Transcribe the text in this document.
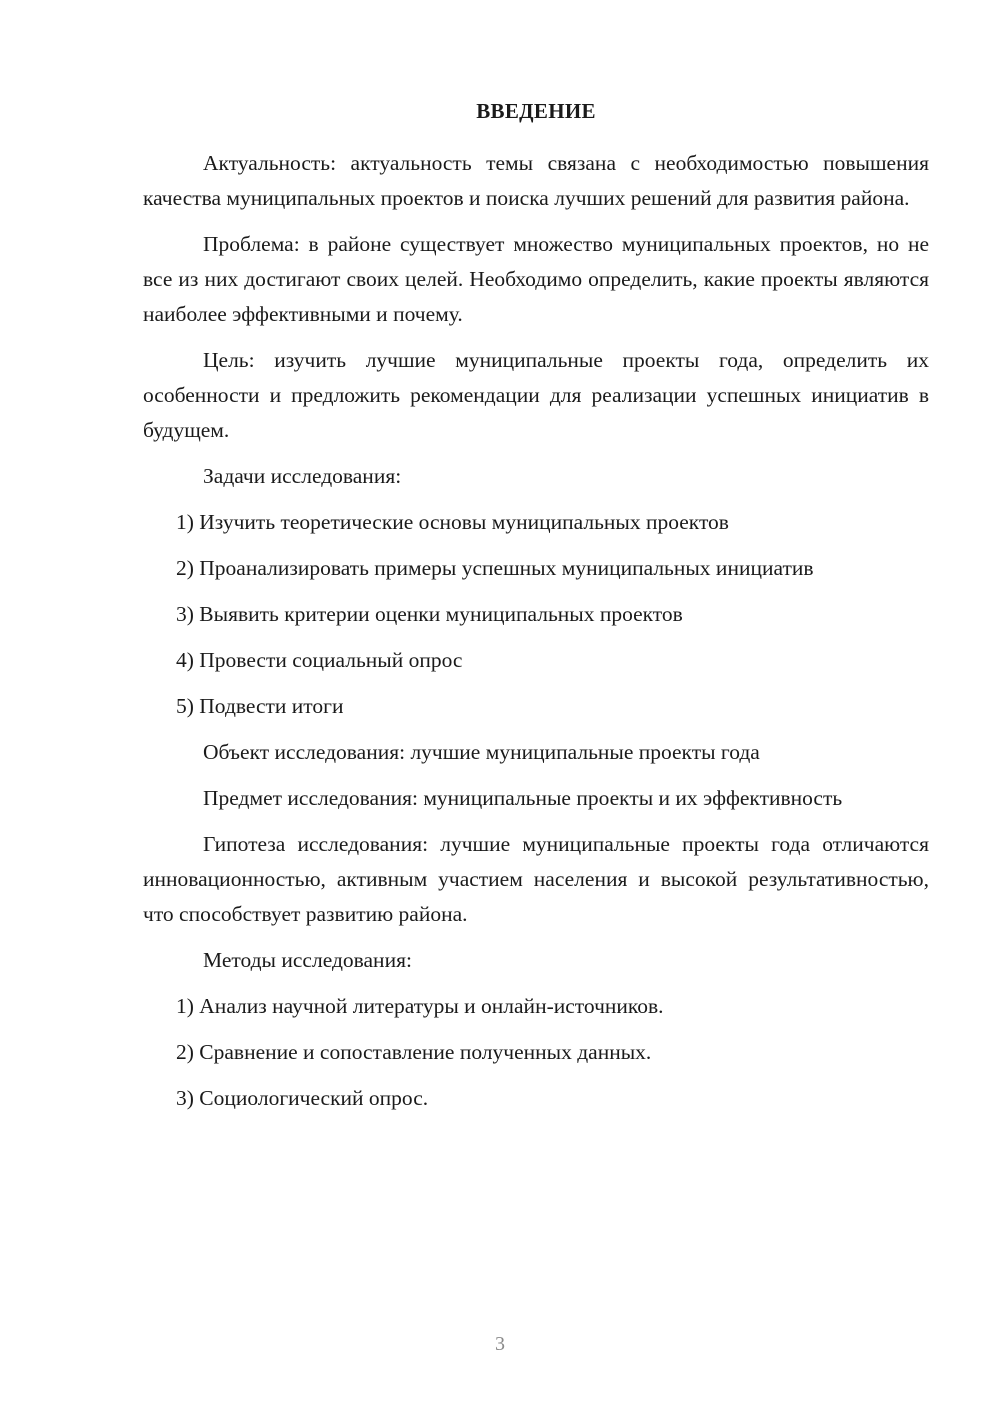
ВВЕДЕНИЕ

Актуальность: актуальность темы связана с необходимостью повышения качества муниципальных проектов и поиска лучших решений для развития района.

Проблема: в районе существует множество муниципальных проектов, но не все из них достигают своих целей. Необходимо определить, какие проекты являются наиболее эффективными и почему.

Цель: изучить лучшие муниципальные проекты года, определить их особенности и предложить рекомендации для реализации успешных инициатив в будущем.

Задачи исследования:

1) Изучить теоретические основы муниципальных проектов
2) Проанализировать примеры успешных муниципальных инициатив
3) Выявить критерии оценки муниципальных проектов
4) Провести социальный опрос
5) Подвести итоги

Объект исследования: лучшие муниципальные проекты года

Предмет исследования: муниципальные проекты и их эффективность

Гипотеза исследования: лучшие муниципальные проекты года отличаются инновационностью, активным участием населения и высокой результативностью, что способствует развитию района.

Методы исследования:

1) Анализ научной литературы и онлайн-источников.
2) Сравнение и сопоставление полученных данных.
3) Социологический опрос.
3
